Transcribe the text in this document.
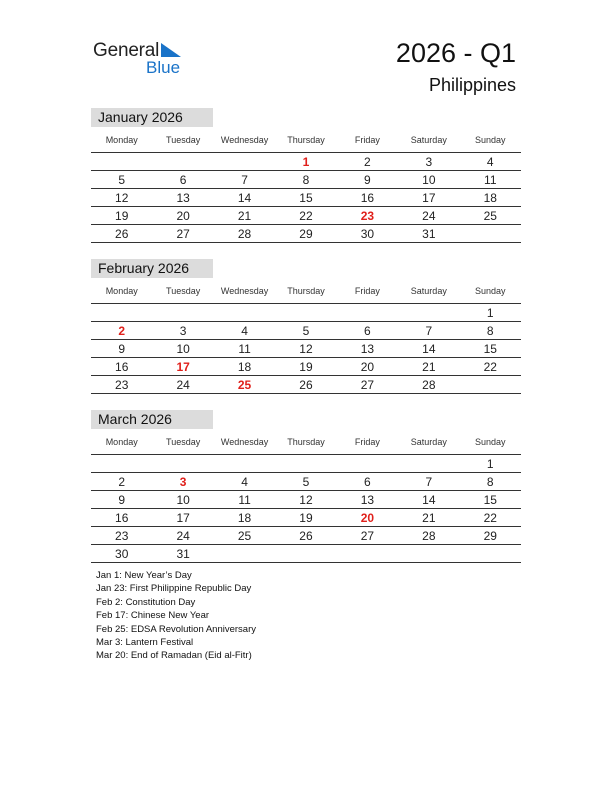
General
Blue	2026 - Q1
Philippines
January 2026
Monday	Tuesday	Wednesday	Thursday	Friday	Saturday	Sunday
			1	2	3	4
5	6	7	8	9	10	11
12	13	14	15	16	17	18
19	20	21	22	23	24	25
26	27	28	29	30	31	
February 2026
Monday	Tuesday	Wednesday	Thursday	Friday	Saturday	Sunday
						1
2	3	4	5	6	7	8
9	10	11	12	13	14	15
16	17	18	19	20	21	22
23	24	25	26	27	28	
March 2026
Monday	Tuesday	Wednesday	Thursday	Friday	Saturday	Sunday
						1
2	3	4	5	6	7	8
9	10	11	12	13	14	15
16	17	18	19	20	21	22
23	24	25	26	27	28	29
30	31					
Jan 1: New Year’s Day
Jan 23: First Philippine Republic Day
Feb 2: Constitution Day
Feb 17: Chinese New Year
Feb 25: EDSA Revolution Anniversary
Mar 3: Lantern Festival
Mar 20: End of Ramadan (Eid al-Fitr)
